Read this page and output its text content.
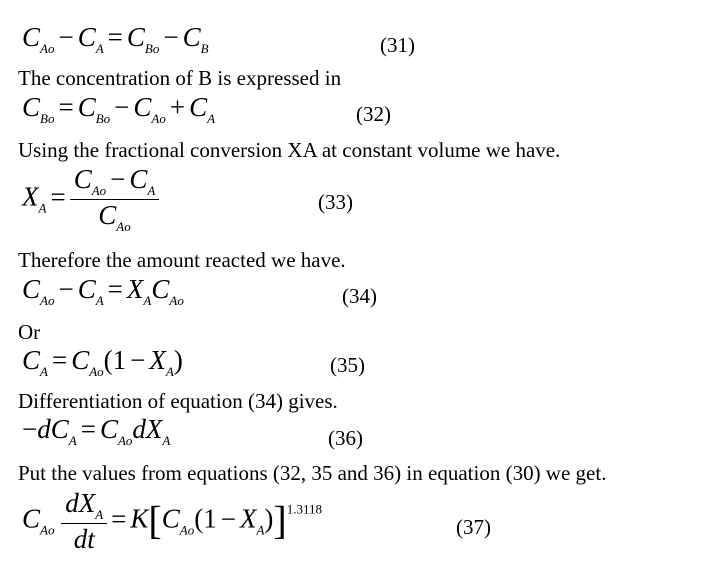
$C_{Ao} - C_A = C_{Bo} - C_B$	(31)
The concentration of B is expressed in
$C_{Bo} = C_{Bo} - C_{Ao} + C_A$	(32)
Using the fractional conversion XA at constant volume we have.
$X_A = \frac{C_{Ao} - C_A}{C_{Ao}}$	(33)
Therefore the amount reacted we have.
$C_{Ao} - C_A = X_AC_{Ao}$	(34)
Or
$C_A = C_{Ao}(1 - X_A)$	(35)
Differentiation of equation (34) gives.
$-dC_A = C_{Ao}dX_A$	(36)
Put the values from equations (32, 35 and 36) in equation (30) we get.
$C_{Ao} \frac{dX_A}{dt} = K[C_{Ao}(1 - X_A)]^{1.3118}$
(37)
